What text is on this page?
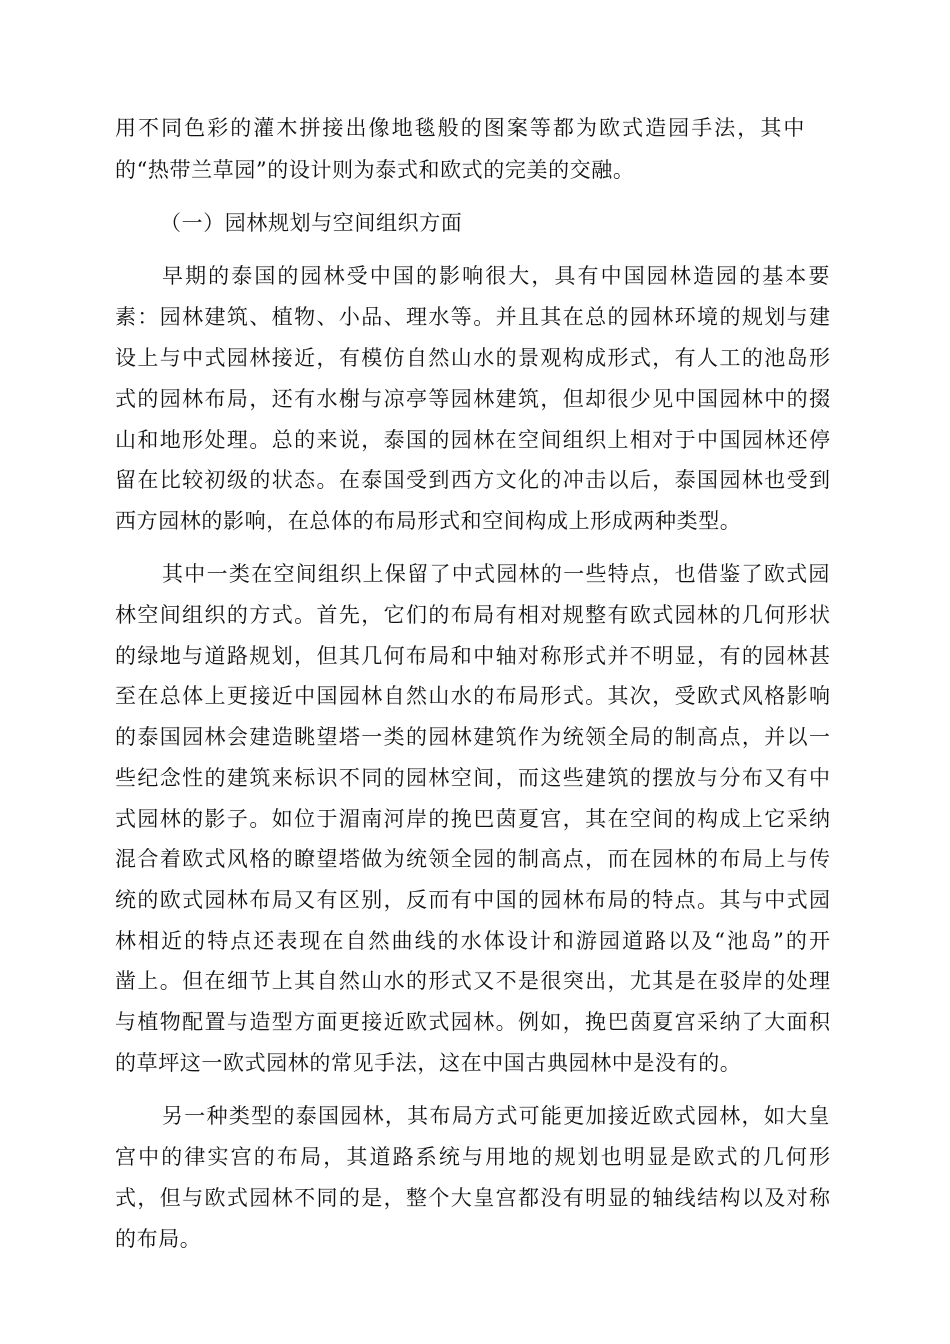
用不同色彩的灌木拼接出像地毯般的图案等都为欧式造园手法，其中
的“热带兰草园”的设计则为泰式和欧式的完美的交融。
（一）园林规划与空间组织方面
早期的泰国的园林受中国的影响很大，具有中国园林造园的基本要
素：园林建筑、植物、小品、理水等。并且其在总的园林环境的规划与建
设上与中式园林接近，有模仿自然山水的景观构成形式，有人工的池岛形
式的园林布局，还有水榭与凉亭等园林建筑，但却很少见中国园林中的掇
山和地形处理。总的来说，泰国的园林在空间组织上相对于中国园林还停
留在比较初级的状态。在泰国受到西方文化的冲击以后，泰国园林也受到
西方园林的影响，在总体的布局形式和空间构成上形成两种类型。
其中一类在空间组织上保留了中式园林的一些特点，也借鉴了欧式园
林空间组织的方式。首先，它们的布局有相对规整有欧式园林的几何形状
的绿地与道路规划，但其几何布局和中轴对称形式并不明显，有的园林甚
至在总体上更接近中国园林自然山水的布局形式。其次，受欧式风格影响
的泰国园林会建造眺望塔一类的园林建筑作为统领全局的制高点，并以一
些纪念性的建筑来标识不同的园林空间，而这些建筑的摆放与分布又有中
式园林的影子。如位于湄南河岸的挽巴茵夏宫，其在空间的构成上它采纳
混合着欧式风格的瞭望塔做为统领全园的制高点，而在园林的布局上与传
统的欧式园林布局又有区别，反而有中国的园林布局的特点。其与中式园
林相近的特点还表现在自然曲线的水体设计和游园道路以及“池岛”的开
凿上。但在细节上其自然山水的形式又不是很突出，尤其是在驳岸的处理
与植物配置与造型方面更接近欧式园林。例如，挽巴茵夏宫采纳了大面积
的草坪这一欧式园林的常见手法，这在中国古典园林中是没有的。
另一种类型的泰国园林，其布局方式可能更加接近欧式园林，如大皇
宫中的律实宫的布局，其道路系统与用地的规划也明显是欧式的几何形
式，但与欧式园林不同的是，整个大皇宫都没有明显的轴线结构以及对称
的布局。
